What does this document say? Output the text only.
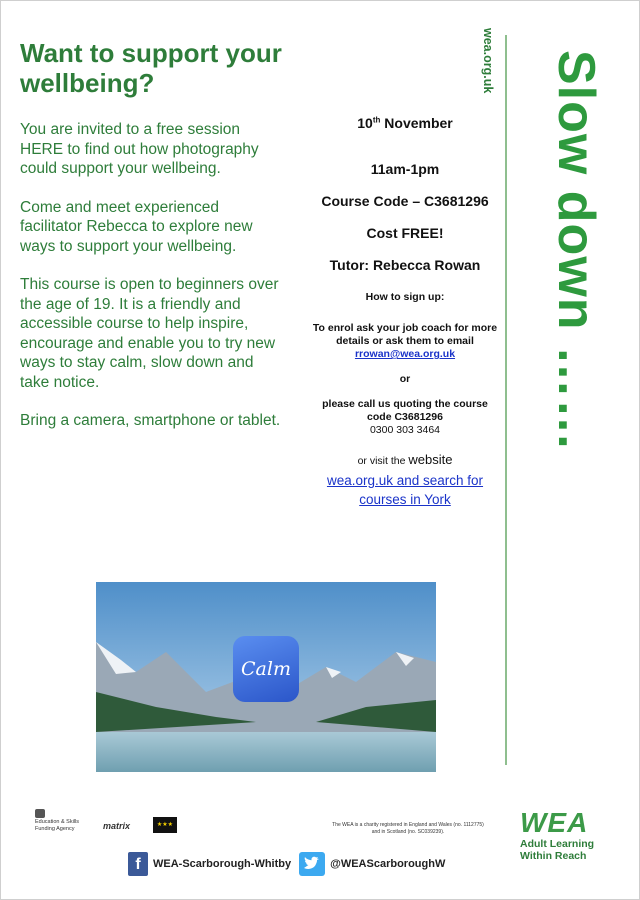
Want to support your wellbeing?

You are invited to a free session HERE to find out how photography could support your wellbeing.

Come and meet experienced facilitator Rebecca to explore new ways to support your wellbeing.

This course is open to beginners over the age of 19. It is a friendly and accessible course to help inspire, encourage and enable you to try new ways to stay calm, slow down and take notice.

Bring a camera, smartphone or tablet.

wea.org.uk

10th November

11am-1pm

Course Code – C3681296

Cost FREE!

Tutor: Rebecca Rowan

How to sign up:

To enrol ask your job coach for more details or ask them to email rrowan@wea.org.uk

or

please call us quoting the course code C3681296

0300 303 3464

or visit the website

wea.org.uk and search for courses in York

Slow down ……
Calm
Education & Skills Funding Agency	matrix	★★★	The WEA is a charity registered in England and Wales (no. 1112775) and in Scotland (no. SC039239).
f	WEA-Scarborough-Whitby	@WEAScarboroughW
WEA
Adult Learning
Within Reach
